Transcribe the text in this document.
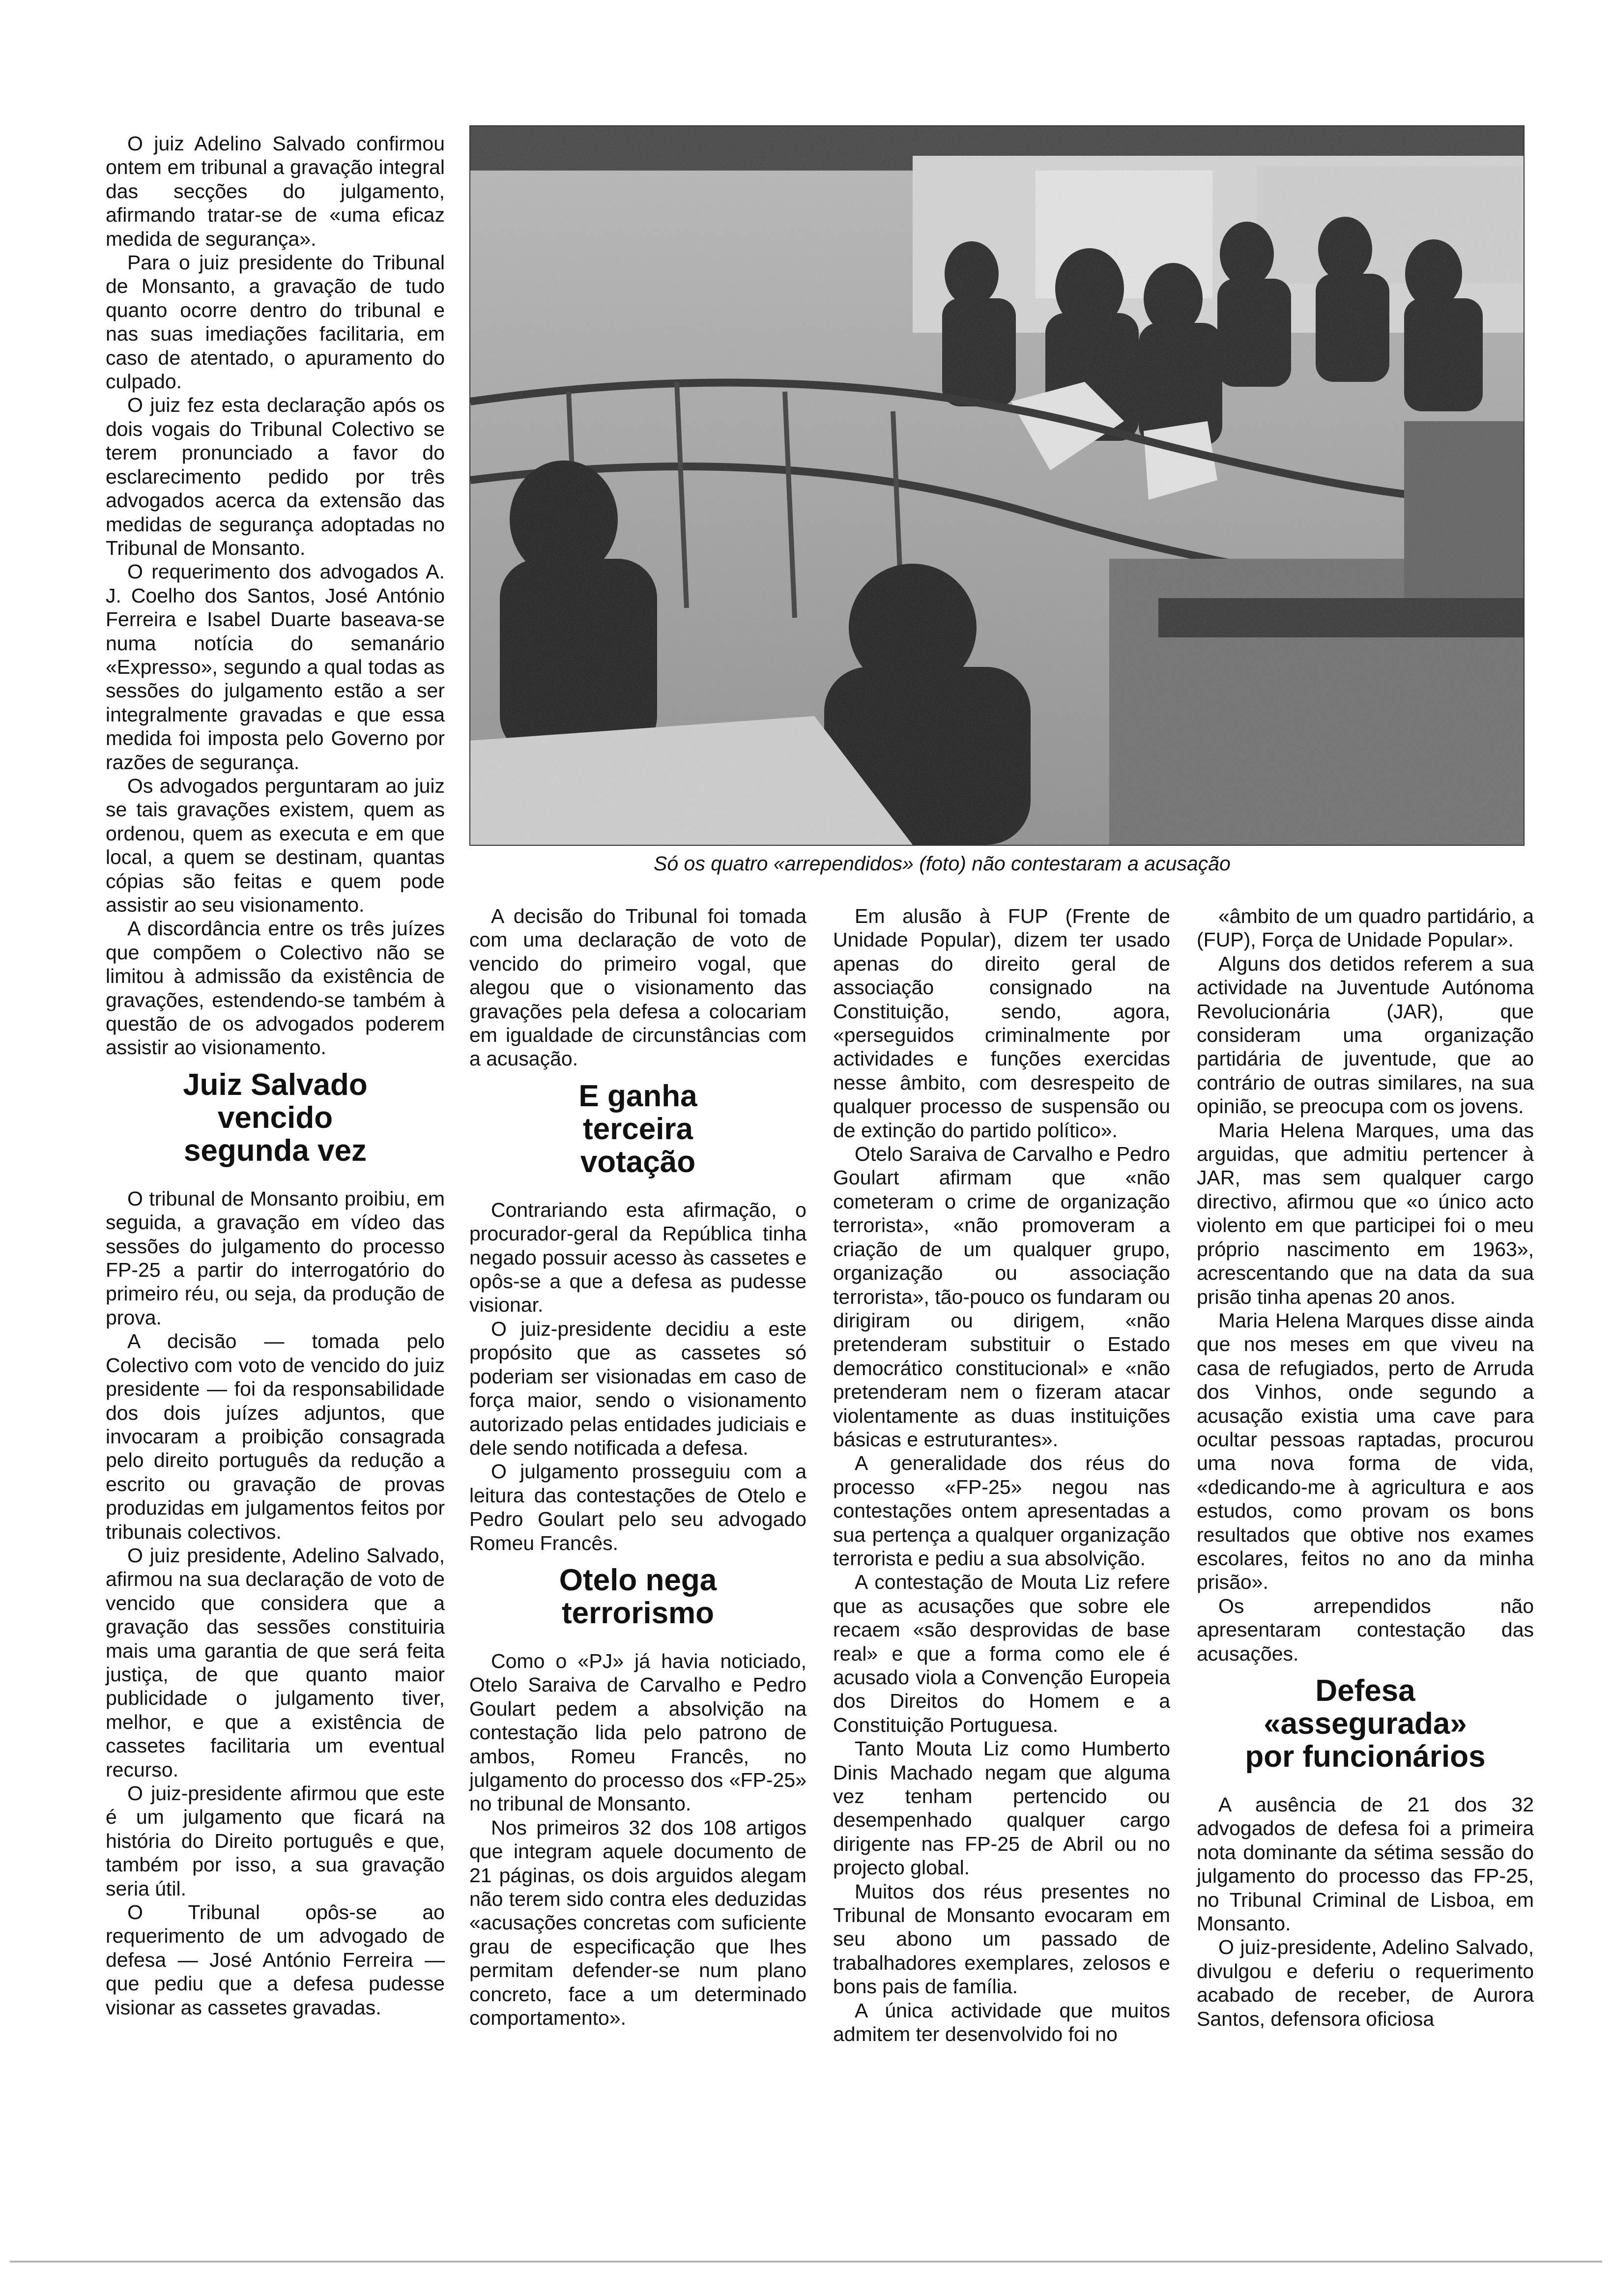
O juiz Adelino Salvado confirmou ontem em tribunal a gravação integral das secções do julgamento, afirmando tratar-se de «uma eficaz medida de segurança».

Para o juiz presidente do Tribunal de Monsanto, a gravação de tudo quanto ocorre dentro do tribunal e nas suas imediações facilitaria, em caso de atentado, o apuramento do culpado.

O juiz fez esta declaração após os dois vogais do Tribunal Colectivo se terem pronunciado a favor do esclarecimento pedido por três advogados acerca da extensão das medidas de segurança adoptadas no Tribunal de Monsanto.

O requerimento dos advogados A. J. Coelho dos Santos, José António Ferreira e Isabel Duarte baseava-se numa notícia do semanário «Expresso», segundo a qual todas as sessões do julgamento estão a ser integralmente gravadas e que essa medida foi imposta pelo Governo por razões de segurança.

Os advogados perguntaram ao juiz se tais gravações existem, quem as ordenou, quem as executa e em que local, a quem se destinam, quantas cópias são feitas e quem pode assistir ao seu visionamento.

A discordância entre os três juízes que compõem o Colectivo não se limitou à admissão da existência de gravações, estendendo-se também à questão de os advogados poderem assistir ao visionamento.

Juiz Salvado
vencido
segunda vez

O tribunal de Monsanto proibiu, em seguida, a gravação em vídeo das sessões do julgamento do processo FP-25 a partir do interrogatório do primeiro réu, ou seja, da produção de prova.

A decisão — tomada pelo Colectivo com voto de vencido do juiz presidente — foi da responsabilidade dos dois juízes adjuntos, que invocaram a proibição consagrada pelo direito português da redução a escrito ou gravação de provas produzidas em julgamentos feitos por tribunais colectivos.

O juiz presidente, Adelino Salvado, afirmou na sua declaração de voto de vencido que considera que a gravação das sessões constituiria mais uma garantia de que será feita justiça, de que quanto maior publicidade o julgamento tiver, melhor, e que a existência de cassetes facilitaria um eventual recurso.

O juiz-presidente afirmou que este é um julgamento que ficará na história do Direito português e que, também por isso, a sua gravação seria útil.

O Tribunal opôs-se ao requerimento de um advogado de defesa — José António Ferreira — que pediu que a defesa pudesse visionar as cassetes gravadas.

Só os quatro «arrependidos» (foto) não contestaram a acusação

A decisão do Tribunal foi tomada com uma declaração de voto de vencido do primeiro vogal, que alegou que o visionamento das gravações pela defesa a colocariam em igualdade de circunstâncias com a acusação.

E ganha
terceira
votação

Contrariando esta afirmação, o procurador-geral da República tinha negado possuir acesso às cassetes e opôs-se a que a defesa as pudesse visionar.

O juiz-presidente decidiu a este propósito que as cassetes só poderiam ser visionadas em caso de força maior, sendo o visionamento autorizado pelas entidades judiciais e dele sendo notificada a defesa.

O julgamento prosseguiu com a leitura das contestações de Otelo e Pedro Goulart pelo seu advogado Romeu Francês.

Otelo nega
terrorismo

Como o «PJ» já havia noticiado, Otelo Saraiva de Carvalho e Pedro Goulart pedem a absolvição na contestação lida pelo patrono de ambos, Romeu Francês, no julgamento do processo dos «FP-25» no tribunal de Monsanto.

Nos primeiros 32 dos 108 artigos que integram aquele documento de 21 páginas, os dois arguidos alegam não terem sido contra eles deduzidas «acusações concretas com suficiente grau de especificação que lhes permitam defender-se num plano concreto, face a um determinado comportamento».

Em alusão à FUP (Frente de Unidade Popular), dizem ter usado apenas do direito geral de associação consignado na Constituição, sendo, agora, «perseguidos criminalmente por actividades e funções exercidas nesse âmbito, com desrespeito de qualquer processo de suspensão ou de extinção do partido político».

Otelo Saraiva de Carvalho e Pedro Goulart afirmam que «não cometeram o crime de organização terrorista», «não promoveram a criação de um qualquer grupo, organização ou associação terrorista», tão-pouco os fundaram ou dirigiram ou dirigem, «não pretenderam substituir o Estado democrático constitucional» e «não pretenderam nem o fizeram atacar violentamente as duas instituições básicas e estruturantes».

A generalidade dos réus do processo «FP-25» negou nas contestações ontem apresentadas a sua pertença a qualquer organização terrorista e pediu a sua absolvição.

A contestação de Mouta Liz refere que as acusações que sobre ele recaem «são desprovidas de base real» e que a forma como ele é acusado viola a Convenção Europeia dos Direitos do Homem e a Constituição Portuguesa.

Tanto Mouta Liz como Humberto Dinis Machado negam que alguma vez tenham pertencido ou desempenhado qualquer cargo dirigente nas FP-25 de Abril ou no projecto global.

Muitos dos réus presentes no Tribunal de Monsanto evocaram em seu abono um passado de trabalhadores exemplares, zelosos e bons pais de família.

A única actividade que muitos admitem ter desenvolvido foi no

«âmbito de um quadro partidário, a (FUP), Força de Unidade Popular».

Alguns dos detidos referem a sua actividade na Juventude Autónoma Revolucionária (JAR), que consideram uma organização partidária de juventude, que ao contrário de outras similares, na sua opinião, se preocupa com os jovens.

Maria Helena Marques, uma das arguidas, que admitiu pertencer à JAR, mas sem qualquer cargo directivo, afirmou que «o único acto violento em que participei foi o meu próprio nascimento em 1963», acrescentando que na data da sua prisão tinha apenas 20 anos.

Maria Helena Marques disse ainda que nos meses em que viveu na casa de refugiados, perto de Arruda dos Vinhos, onde segundo a acusação existia uma cave para ocultar pessoas raptadas, procurou uma nova forma de vida, «dedicando-me à agricultura e aos estudos, como provam os bons resultados que obtive nos exames escolares, feitos no ano da minha prisão».

Os arrependidos não apresentaram contestação das acusações.

Defesa
«assegurada»
por funcionários

A ausência de 21 dos 32 advogados de defesa foi a primeira nota dominante da sétima sessão do julgamento do processo das FP-25, no Tribunal Criminal de Lisboa, em Monsanto.

O juiz-presidente, Adelino Salvado, divulgou e deferiu o requerimento acabado de receber, de Aurora Santos, defensora oficiosa
